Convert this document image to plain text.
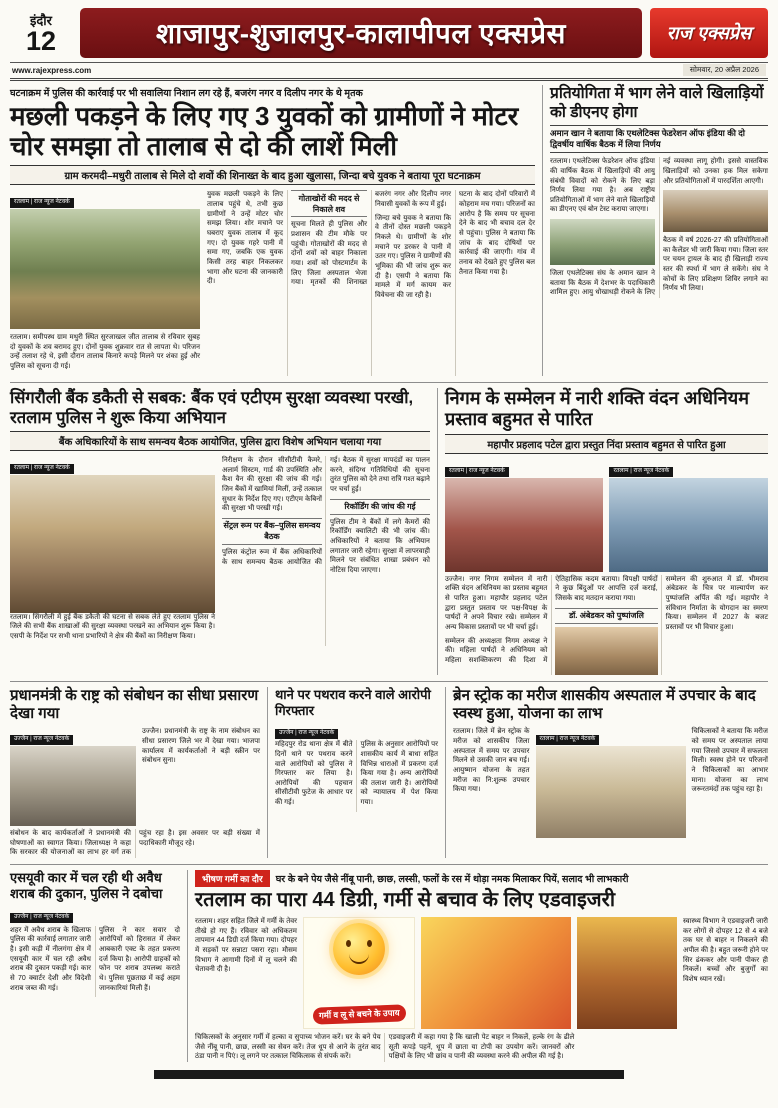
इंदौर
12	शाजापुर-शुजालपुर-कालापीपल एक्सप्रेस	राज एक्सप्रेस
www.rajexpress.com	सोमवार, 20 अप्रैल 2026
घटनाक्रम में पुलिस की कार्रवाई पर भी सवालिया निशान लग रहे हैं, बजरंग नगर व दिलीप नगर के थे मृतक
मछली पकड़ने के लिए गए 3 युवकों को ग्रामीणों ने मोटर चोर समझा तो तालाब से दो की लाशें मिली
ग्राम करमदी–मधुरी तालाब से मिले दो शवों की शिनाख्त के बाद हुआ खुलासा, जिन्दा बचे युवक ने बताया पूरा घटनाक्रम
रतलाम | राज न्यूज नेटवर्क

रतलाम। समीपस्थ ग्राम मथुरी स्थित सुरजाखल जीत तालाब से रविवार सुबह दो युवकों के शव बरामद हुए। दोनों युवक शुक्रवार रात से लापता थे। परिजन उन्हें तलाश रहे थे, इसी दौरान तालाब किनारे कपड़े मिलने पर शंका हुई और पुलिस को सूचना दी गई।

युवक मछली पकड़ने के लिए तालाब पहुंचे थे, तभी कुछ ग्रामीणों ने उन्हें मोटर चोर समझ लिया। शोर मचाने पर घबराए युवक तालाब में कूद गए। दो युवक गहरे पानी में समा गए, जबकि एक युवक किसी तरह बाहर निकलकर भागा और घटना की जानकारी दी।

गोताखोरों की मदद से निकाले शव

सूचना मिलते ही पुलिस और प्रशासन की टीम मौके पर पहुंची। गोताखोरों की मदद से दोनों शवों को बाहर निकाला गया। शवों को पोस्टमार्टम के लिए जिला अस्पताल भेजा गया। मृतकों की शिनाख्त बजरंग नगर और दिलीप नगर निवासी युवकों के रूप में हुई।

जिन्दा बचे युवक ने बताया कि वे तीनों दोस्त मछली पकड़ने निकले थे। ग्रामीणों के शोर मचाने पर डरकर वे पानी में उतर गए। पुलिस ने ग्रामीणों की भूमिका की भी जांच शुरू कर दी है। एसपी ने बताया कि मामले में मर्ग कायम कर विवेचना की जा रही है।

घटना के बाद दोनों परिवारों में कोहराम मच गया। परिजनों का आरोप है कि समय पर सूचना देने के बाद भी बचाव दल देर से पहुंचा। पुलिस ने बताया कि जांच के बाद दोषियों पर कार्रवाई की जाएगी। गांव में तनाव को देखते हुए पुलिस बल तैनात किया गया है।

प्रतियोगिता में भाग लेने वाले खिलाड़ियों को डीएनए होगा
अमान खान ने बताया कि एथलेटिक्स फेडरेशन ऑफ इंडिया की दो द्विवर्षीय वार्षिक बैठक में लिया निर्णय

रतलाम। एथलेटिक्स फेडरेशन ऑफ इंडिया की वार्षिक बैठक में खिलाड़ियों की आयु संबंधी विवादों को रोकने के लिए बड़ा निर्णय लिया गया है। अब राष्ट्रीय प्रतियोगिताओं में भाग लेने वाले खिलाड़ियों का डीएनए एवं बोन टेस्ट कराया जाएगा।

जिला एथलेटिक्स संघ के अमान खान ने बताया कि बैठक में देशभर के पदाधिकारी शामिल हुए। आयु धोखाधड़ी रोकने के लिए नई व्यवस्था लागू होगी। इससे वास्तविक खिलाड़ियों को उनका हक मिल सकेगा और प्रतियोगिताओं में पारदर्शिता आएगी।

बैठक में वर्ष 2026-27 की प्रतियोगिताओं का कैलेंडर भी जारी किया गया। जिला स्तर पर चयन ट्रायल के बाद ही खिलाड़ी राज्य स्तर की स्पर्धा में भाग ले सकेंगे। संघ ने कोचों के लिए प्रशिक्षण शिविर लगाने का निर्णय भी लिया।

सिंगरौली बैंक डकैती से सबक: बैंक एवं एटीएम सुरक्षा व्यवस्था परखी, रतलाम पुलिस ने शुरू किया अभियान
बैंक अधिकारियों के साथ समन्वय बैठक आयोजित, पुलिस द्वारा विशेष अभियान चलाया गया
रतलाम | राज न्यूज नेटवर्क

रतलाम। सिंगरौली में हुई बैंक डकैती की घटना से सबक लेते हुए रतलाम पुलिस ने जिले की सभी बैंक शाखाओं की सुरक्षा व्यवस्था परखने का अभियान शुरू किया है। एसपी के निर्देश पर सभी थाना प्रभारियों ने क्षेत्र की बैंकों का निरीक्षण किया।

निरीक्षण के दौरान सीसीटीवी कैमरे, अलार्म सिस्टम, गार्ड की उपस्थिति और कैश वैन की सुरक्षा की जांच की गई। जिन बैंकों में खामियां मिलीं, उन्हें तत्काल सुधार के निर्देश दिए गए। एटीएम केबिनों की सुरक्षा भी परखी गई।

सेंट्रल रूम पर बैंक–पुलिस समन्वय बैठक

पुलिस कंट्रोल रूम में बैंक अधिकारियों के साथ समन्वय बैठक आयोजित की गई। बैठक में सुरक्षा मापदंडों का पालन करने, संदिग्ध गतिविधियों की सूचना तुरंत पुलिस को देने तथा रात्रि गश्त बढ़ाने पर चर्चा हुई।

रिकॉर्डिंग की जांच की गई

पुलिस टीम ने बैंकों में लगे कैमरों की रिकॉर्डिंग क्वालिटी की भी जांच की। अधिकारियों ने बताया कि अभियान लगातार जारी रहेगा। सुरक्षा में लापरवाही मिलने पर संबंधित शाखा प्रबंधन को नोटिस दिया जाएगा।

निगम के सम्मेलन में नारी शक्ति वंदन अधिनियम प्रस्ताव बहुमत से पारित
महापौर प्रहलाद पटेल द्वारा प्रस्तुत निंदा प्रस्ताव बहुमत से पारित हुआ
रतलाम | राज न्यूज नेटवर्क	रतलाम | राज न्यूज नेटवर्क

उज्जैन। नगर निगम सम्मेलन में नारी शक्ति वंदन अधिनियम का प्रस्ताव बहुमत से पारित हुआ। महापौर प्रहलाद पटेल द्वारा प्रस्तुत प्रस्ताव पर पक्ष-विपक्ष के पार्षदों ने अपने विचार रखे। सम्मेलन में अन्य विकास प्रस्तावों पर भी चर्चा हुई।

सम्मेलन की अध्यक्षता निगम अध्यक्ष ने की। महिला पार्षदों ने अधिनियम को महिला सशक्तिकरण की दिशा में ऐतिहासिक कदम बताया। विपक्षी पार्षदों ने कुछ बिंदुओं पर आपत्ति दर्ज कराई, जिसके बाद मतदान कराया गया।

डॉ. अंबेडकर को पुष्पांजलि

सम्मेलन की शुरुआत में डॉ. भीमराव अंबेडकर के चित्र पर माल्यार्पण कर पुष्पांजलि अर्पित की गई। महापौर ने संविधान निर्माता के योगदान का स्मरण किया। सम्मेलन में 2027 के बजट प्रस्तावों पर भी विचार हुआ।

प्रधानमंत्री के राष्ट्र को संबोधन का सीधा प्रसारण देखा गया
उज्जैन | राज न्यूज नेटवर्क

उज्जैन। प्रधानमंत्री के राष्ट्र के नाम संबोधन का सीधा प्रसारण जिले भर में देखा गया। भाजपा कार्यालय में कार्यकर्ताओं ने बड़ी स्क्रीन पर संबोधन सुना।

संबोधन के बाद कार्यकर्ताओं ने प्रधानमंत्री की घोषणाओं का स्वागत किया। जिलाध्यक्ष ने कहा कि सरकार की योजनाओं का लाभ हर वर्ग तक पहुंच रहा है। इस अवसर पर बड़ी संख्या में पदाधिकारी मौजूद रहे।

थाने पर पथराव करने वाले आरोपी गिरफ्तार
उज्जैन | राज न्यूज नेटवर्क

महिदपुर रोड थाना क्षेत्र में बीते दिनों थाने पर पथराव करने वाले आरोपियों को पुलिस ने गिरफ्तार कर लिया है। आरोपियों की पहचान सीसीटीवी फुटेज के आधार पर की गई।

पुलिस के अनुसार आरोपियों पर शासकीय कार्य में बाधा सहित विभिन्न धाराओं में प्रकरण दर्ज किया गया है। अन्य आरोपियों की तलाश जारी है। आरोपियों को न्यायालय में पेश किया गया।

ब्रेन स्ट्रोक का मरीज शासकीय अस्पताल में उपचार के बाद स्वस्थ हुआ, योजना का लाभ

रतलाम। जिले में ब्रेन स्ट्रोक के मरीज को शासकीय जिला अस्पताल में समय पर उपचार मिलने से उसकी जान बच गई। आयुष्मान योजना के तहत मरीज का नि:शुल्क उपचार किया गया।

रतलाम | राज न्यूज नेटवर्क

चिकित्सकों ने बताया कि मरीज को समय पर अस्पताल लाया गया जिससे उपचार में सफलता मिली। स्वस्थ होने पर परिजनों ने चिकित्सकों का आभार माना। योजना का लाभ जरूरतमंदों तक पहुंच रहा है।

एसयूवी कार में चल रही थी अवैध शराब की दुकान, पुलिस ने दबोचा
उज्जैन | राज न्यूज नेटवर्क

शहर में अवैध शराब के खिलाफ पुलिस की कार्रवाई लगातार जारी है। इसी कड़ी में नीलगंगा क्षेत्र में एसयूवी कार में चल रही अवैध शराब की दुकान पकड़ी गई। कार से 70 क्वार्टर देशी और विदेशी शराब जब्त की गई।

पुलिस ने कार सवार दो आरोपियों को हिरासत में लेकर आबकारी एक्ट के तहत प्रकरण दर्ज किया है। आरोपी ग्राहकों को फोन पर शराब उपलब्ध कराते थे। पुलिस पूछताछ में कई अहम जानकारियां मिली हैं।

भीषण गर्मी का दौर	घर के बने पेय जैसे नींबू पानी, छाछ, लस्सी, फलों के रस में थोड़ा नमक मिलाकर पियें, सलाद भी लाभकारी
रतलाम का पारा 44 डिग्री, गर्मी से बचाव के लिए एडवाइजरी

रतलाम। शहर सहित जिले में गर्मी के तेवर तीखे हो गए हैं। रविवार को अधिकतम तापमान 44 डिग्री दर्ज किया गया। दोपहर में सड़कों पर सन्नाटा पसरा रहा। मौसम विभाग ने आगामी दिनों में लू चलने की चेतावनी दी है।

गर्मी व लू से बचने के उपाय

स्वास्थ्य विभाग ने एडवाइजरी जारी कर लोगों से दोपहर 12 से 4 बजे तक घर से बाहर न निकलने की अपील की है। बहुत जरूरी होने पर सिर ढंककर और पानी पीकर ही निकलें। बच्चों और बुजुर्गों का विशेष ध्यान रखें।

चिकित्सकों के अनुसार गर्मी में हल्का व सुपाच्य भोजन करें। घर के बने पेय जैसे नींबू पानी, छाछ, लस्सी का सेवन करें। तेज धूप से आने के तुरंत बाद ठंडा पानी न पिएं। लू लगने पर तत्काल चिकित्सक से संपर्क करें।

एडवाइजरी में कहा गया है कि खाली पेट बाहर न निकलें, हल्के रंग के ढीले सूती कपड़े पहनें, धूप में छाता या टोपी का उपयोग करें। जानवरों और पक्षियों के लिए भी छांव व पानी की व्यवस्था करने की अपील की गई है।
